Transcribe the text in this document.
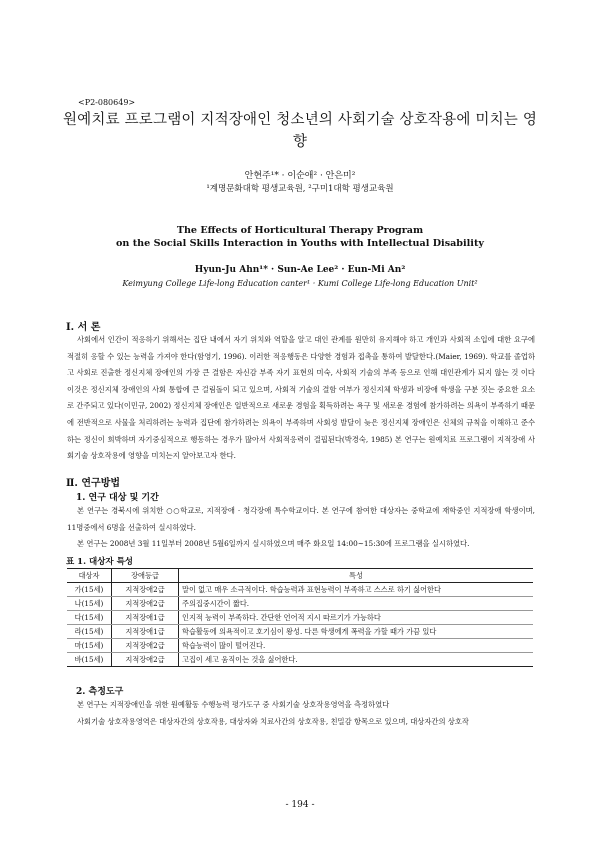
<P2-080649>
원예치료 프로그램이 지적장애인 청소년의 사회기술 상호작용에 미치는 영향
안현주¹* · 이순애² · 안은미²
¹계명문화대학 평생교육원, ²구미1대학 평생교육원
The Effects of Horticultural Therapy Program
on the Social Skills Interaction in Youths with Intellectual Disability
Hyun-Ju Ahn¹* · Sun-Ae Lee² · Eun-Mi An²
Keimyung College Life-long Education canter¹ · Kumi College Life-long Education Unit²
Ⅰ. 서 론

사회에서 인간이 적응하기 위해서는 집단 내에서 자기 위치와 역할을 알고 대인 관계를 원만히 유지해야 하고 개인과 사회적 소입에 대한 요구에 적절히 응할 수 있는 능력을 가져야 한다(함영기, 1996). 이러한 적응행동은 다양한 경험과 접촉을 통하여 발달한다.(Maier, 1969). 학교를 졸업하고 사회로 진출한 정신지체 장애인의 가장 큰 결함은 자신감 부족 자기 표현의 미숙, 사회적 기술의 부족 등으로 인해 대인관계가 되지 않는 것 이다 이것은 정신지체 장애인의 사회 통합에 큰 걸림돌이 되고 있으며, 사회적 기술의 결함 여부가 정신지체 학생과 비장애 학생을 구분 짓는 중요한 요소로 간주되고 있다(이민규, 2002) 정신지체 장애인은 일반적으로 새로운 경험을 획득하려는 욕구 및 새로운 경험에 참가하려는 의욕이 부족하기 때문에 전반적으로 사물을 처리하려는 능력과 집단에 참가하려는 의욕이 부족하며 사회성 발달이 늦은 정신지체 장애인은 신체의 규칙을 이해하고 준수하는 정신이 희박하며 자기중심적으로 행동하는 경우가 많아서 사회적응력이 결핍된다(박경숙, 1985) 본 연구는 원예치료 프로그램이 지적장애 사회기술 상호작용에 영향을 미치는지 알아보고자 한다.

Ⅱ. 연구방법
1. 연구 대상 및 기간

본 연구는 경북시에 위치한 ○○학교로, 지적장애 · 청각장애 특수학교이다. 본 연구에 참여한 대상자는 중학교에 재학중인 지적장애 학생이며, 11명중에서 6명을 선출하여 실시하였다.

본 연구는 2008년 3월 11일부터 2008년 5월6일까지 실시하였으며 매주 화요일 14:00~15:30에 프로그램을 실시하였다.

표 1. 대상자 특성
대상자	장애등급	특성
가(15세)	지적장애2급	말이 없고 매우 소극적이다. 학습능력과 표현능력이 부족하고 스스로 하기 싫어한다
나(15세)	지적장애2급	주의집중시간이 짧다.
다(15세)	지적장애1급	인지적 능력이 부족하다. 간단한 언어적 지시 따르기가 가능하다
라(15세)	지적장애1급	학습활동에 의욕적이고 호기심이 왕성. 다른 학생에게 폭력을 가할 때가 가끔 있다
마(15세)	지적장애2급	학습능력이 많이 떨어진다.
바(15세)	지적장애2급	고집이 세고 움직이는 것을 싫어한다.
2. 측정도구

본 연구는 지적장애인을 위한 원예활동 수행능력 평가도구 중 사회기술 상호작용영역을 측정하였다

사회기술 상호작용영역은 대상자간의 상호작용, 대상자와 치료사간의 상호작용, 친밀감 항목으로 있으며, 대상자간의 상호작

- 194 -
